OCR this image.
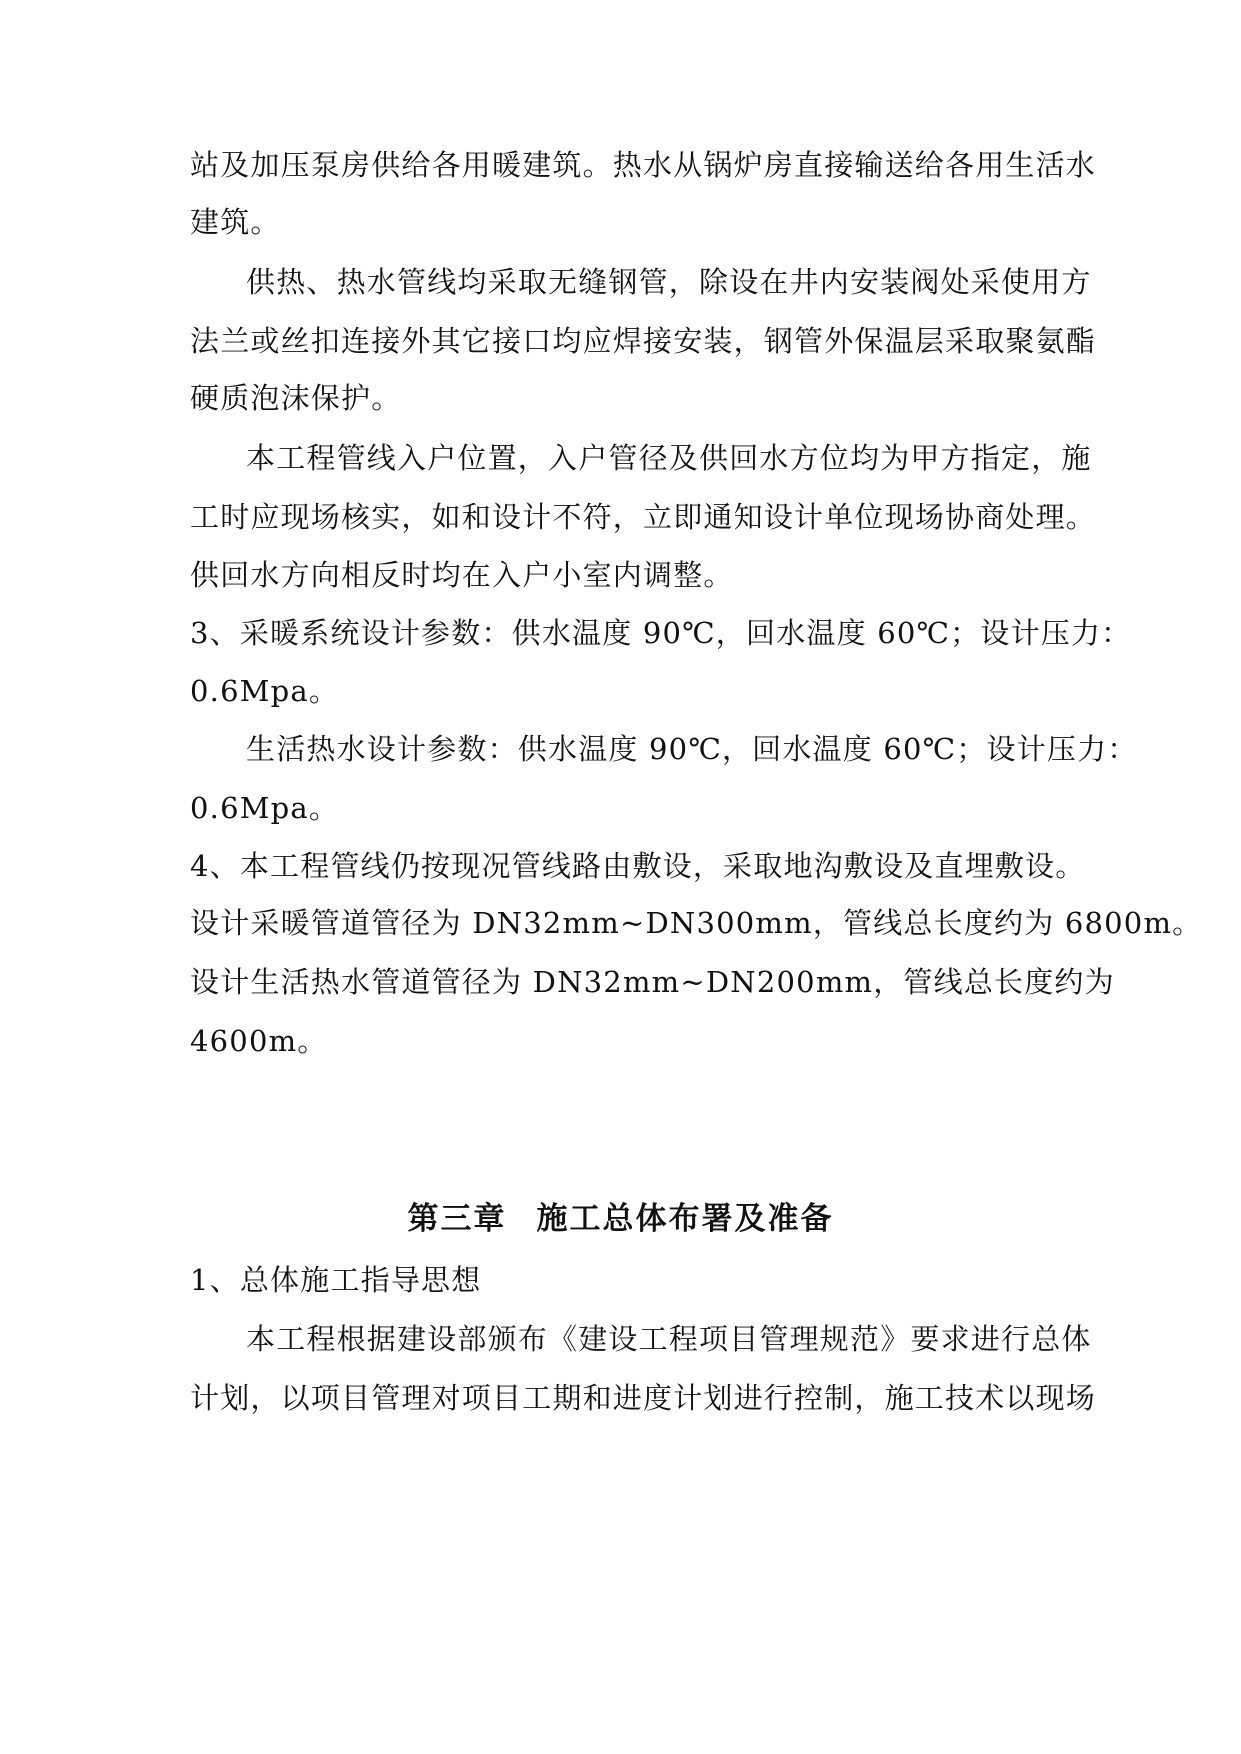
站及加压泵房供给各用暖建筑。热水从锅炉房直接输送给各用生活水
建筑。
供热、热水管线均采取无缝钢管，除设在井内安装阀处采使用方
法兰或丝扣连接外其它接口均应焊接安装，钢管外保温层采取聚氨酯
硬质泡沫保护。
本工程管线入户位置，入户管径及供回水方位均为甲方指定，施
工时应现场核实，如和设计不符，立即通知设计单位现场协商处理。
供回水方向相反时均在入户小室内调整。
3、采暖系统设计参数：供水温度 90℃，回水温度 60℃；设计压力：
0.6Mpa。
生活热水设计参数：供水温度 90℃，回水温度 60℃；设计压力：
0.6Mpa。
4、本工程管线仍按现况管线路由敷设，采取地沟敷设及直埋敷设。
设计采暖管道管径为 DN32mm~DN300mm，管线总长度约为 6800m。
设计生活热水管道管径为 DN32mm~DN200mm，管线总长度约为
4600m。
第三章 施工总体布署及准备
1、总体施工指导思想
本工程根据建设部颁布《建设工程项目管理规范》要求进行总体
计划，以项目管理对项目工期和进度计划进行控制，施工技术以现场
